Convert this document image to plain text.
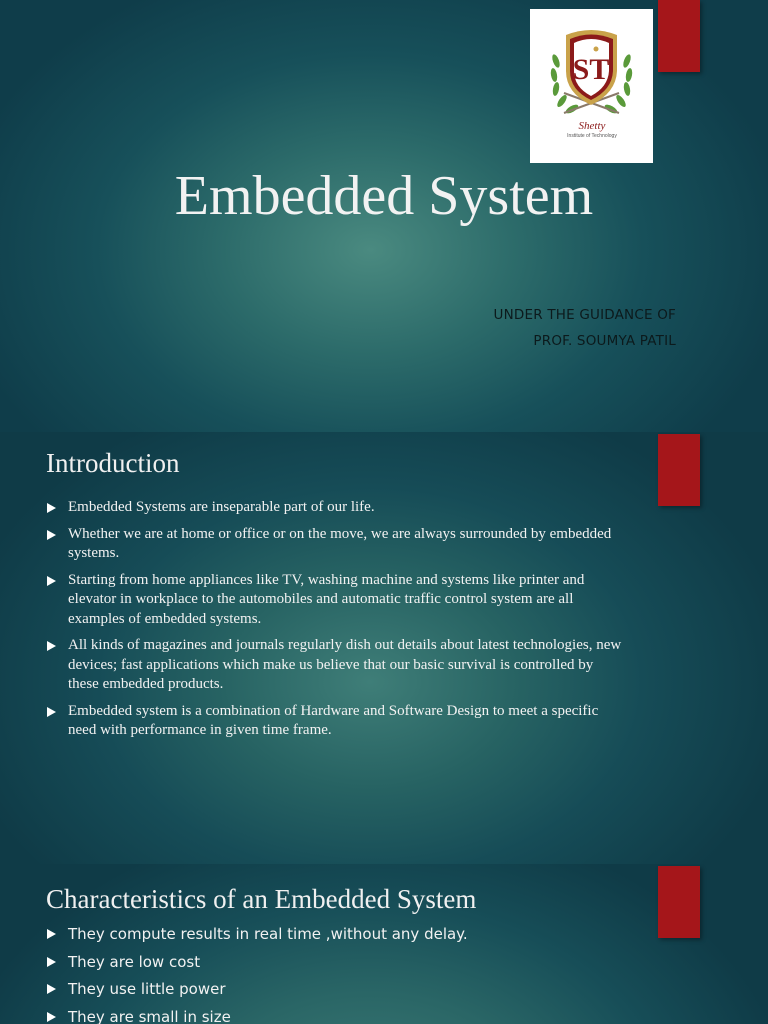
ST
Shetty
Institute of Technology
Embedded System
UNDER THE GUIDANCE OF
PROF. SOUMYA PATIL
Introduction
Embedded Systems are inseparable part of our life.
Whether we are at home or office or on the move, we are always surrounded by embedded systems.
Starting from home appliances like TV, washing machine and systems like printer and elevator in workplace to the automobiles and automatic traffic control system are all examples of embedded systems.
All kinds of magazines and journals regularly dish out details about latest technologies, new devices; fast applications which make us believe that our basic survival is controlled by these embedded products.
Embedded system is a combination of Hardware and Software Design to meet a specific need with performance in given time frame.
Characteristics of an Embedded System
They compute results in real time ,without any delay.
They are low cost
They use little power
They are small in size
